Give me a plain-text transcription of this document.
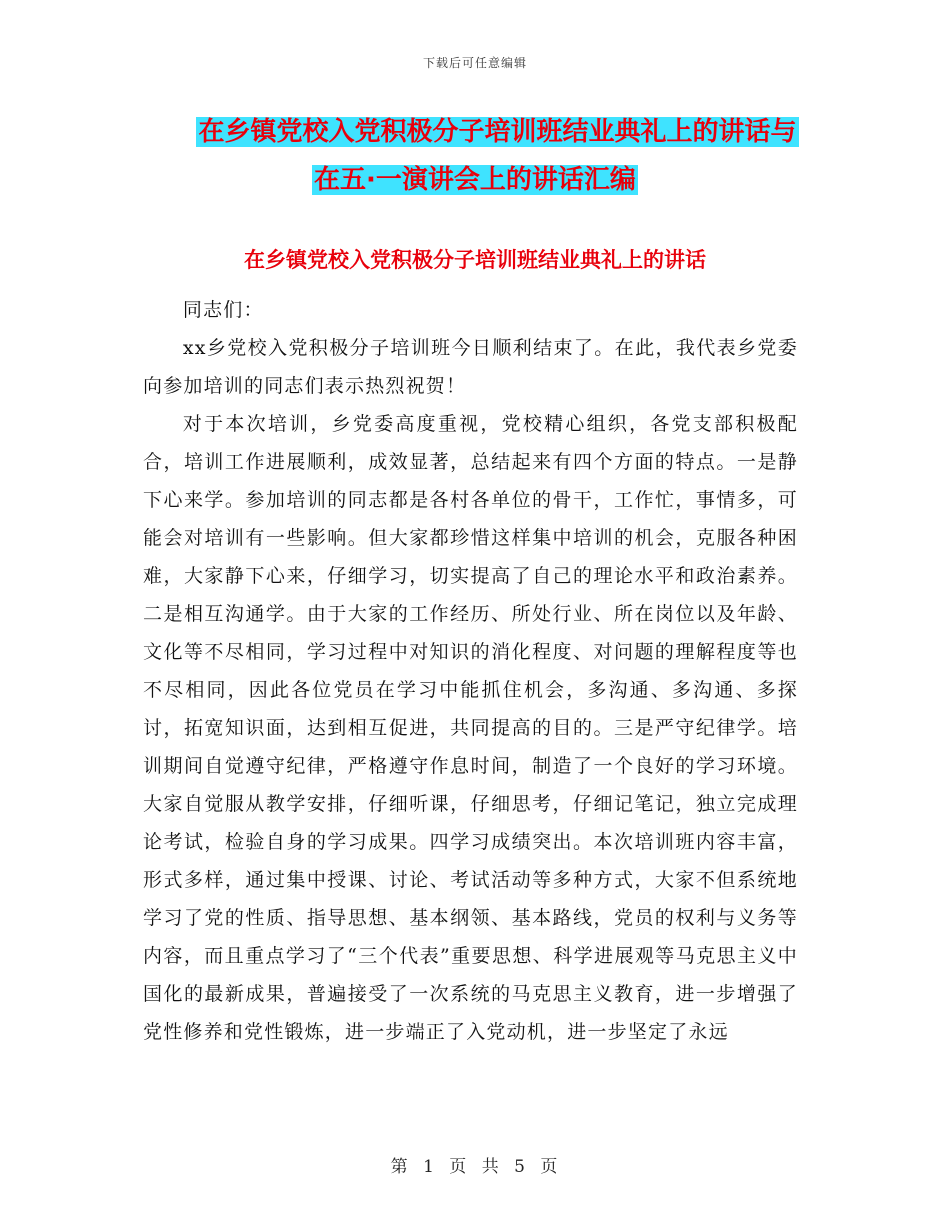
下载后可任意编辑
在乡镇党校入党积极分子培训班结业典礼上的讲话与
在五·一演讲会上的讲话汇编
在乡镇党校入党积极分子培训班结业典礼上的讲话

同志们：

xx乡党校入党积极分子培训班今日顺利结束了。在此，我代表乡党委向参加培训的同志们表示热烈祝贺！

对于本次培训，乡党委高度重视，党校精心组织，各党支部积极配合，培训工作进展顺利，成效显著，总结起来有四个方面的特点。一是静下心来学。参加培训的同志都是各村各单位的骨干，工作忙，事情多，可能会对培训有一些影响。但大家都珍惜这样集中培训的机会，克服各种困难，大家静下心来，仔细学习，切实提高了自己的理论水平和政治素养。二是相互沟通学。由于大家的工作经历、所处行业、所在岗位以及年龄、文化等不尽相同，学习过程中对知识的消化程度、对问题的理解程度等也不尽相同，因此各位党员在学习中能抓住机会，多沟通、多沟通、多探讨，拓宽知识面，达到相互促进，共同提高的目的。三是严守纪律学。培训期间自觉遵守纪律，严格遵守作息时间，制造了一个良好的学习环境。大家自觉服从教学安排，仔细听课，仔细思考，仔细记笔记，独立完成理论考试，检验自身的学习成果。四学习成绩突出。本次培训班内容丰富，形式多样，通过集中授课、讨论、考试活动等多种方式，大家不但系统地学习了党的性质、指导思想、基本纲领、基本路线，党员的权利与义务等内容，而且重点学习了“三个代表”重要思想、科学进展观等马克思主义中国化的最新成果，普遍接受了一次系统的马克思主义教育，进一步增强了党性修养和党性锻炼，进一步端正了入党动机，进一步坚定了永远

第 1 页 共 5 页
